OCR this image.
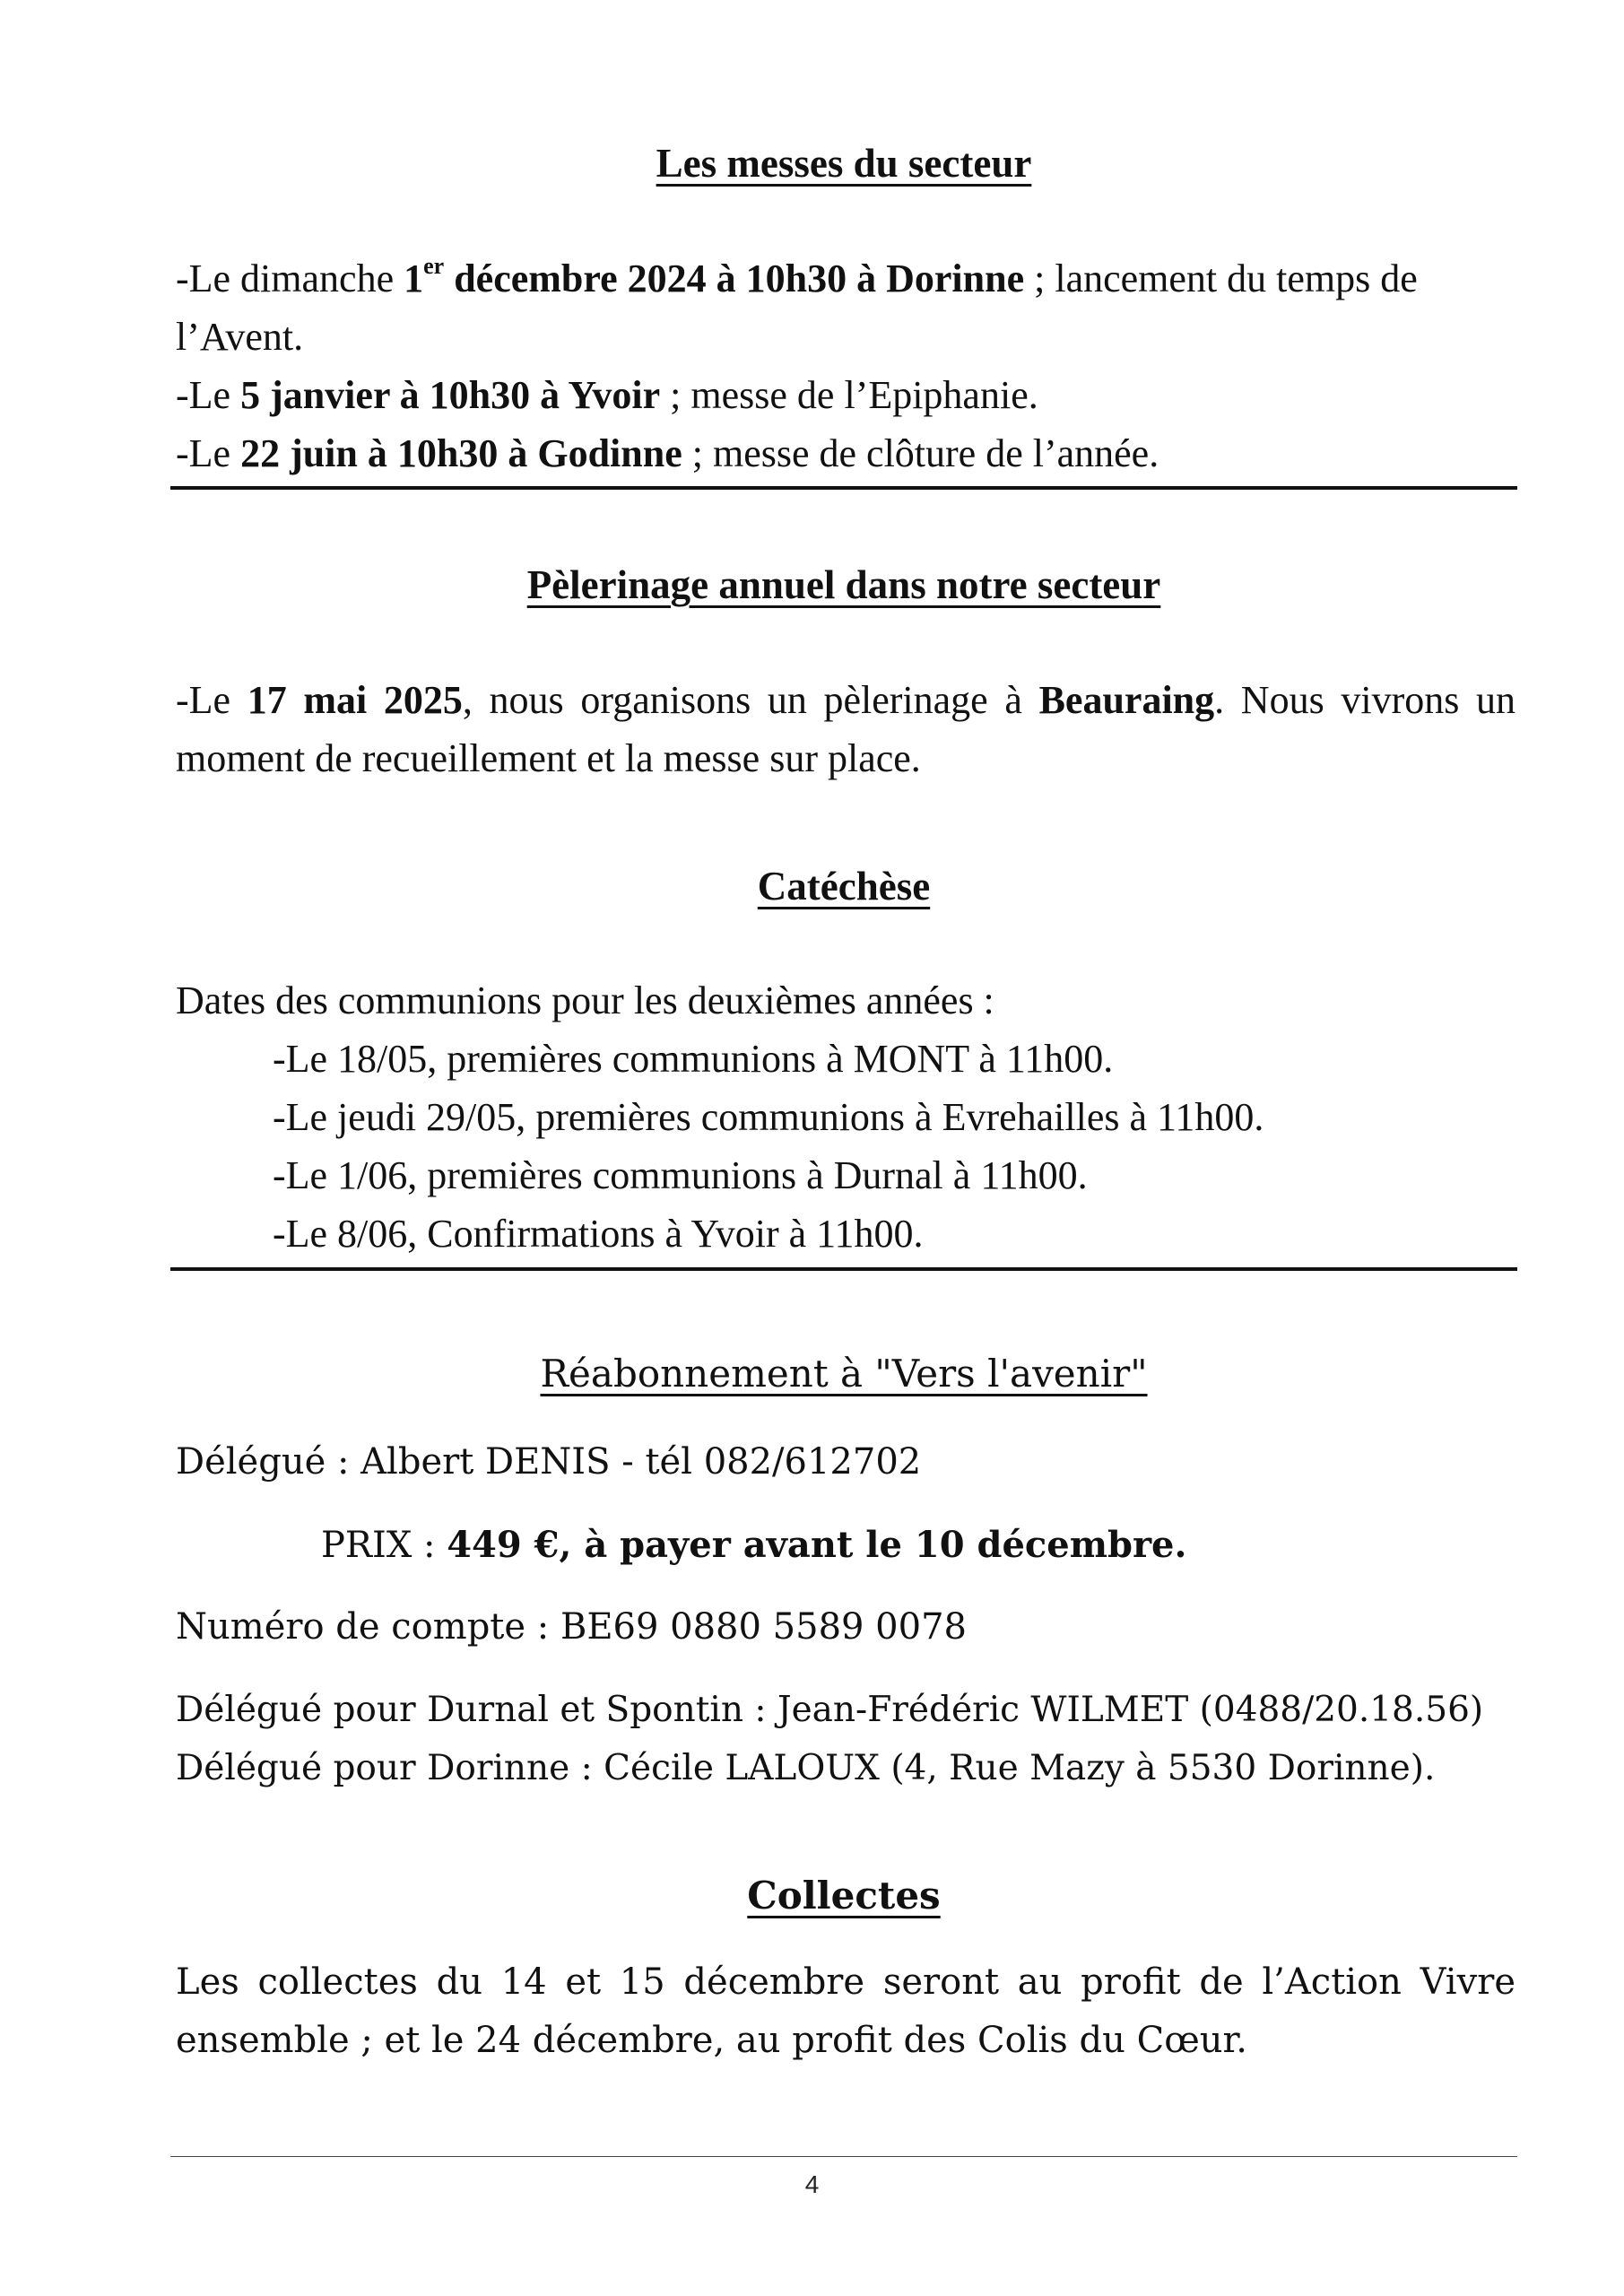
Les messes du secteur
-Le dimanche 1er décembre 2024 à 10h30 à Dorinne ; lancement du temps de l’Avent.
-Le 5 janvier à 10h30 à Yvoir ; messe de l’Epiphanie.
-Le 22 juin à 10h30 à Godinne ; messe de clôture de l’année.
Pèlerinage annuel dans notre secteur
-Le 17 mai 2025, nous organisons un pèlerinage à Beauraing. Nous vivrons un moment de recueillement et la messe sur place.
Catéchèse
Dates des communions pour les deuxièmes années :
-Le 18/05, premières communions à MONT à 11h00.
-Le jeudi 29/05, premières communions à Evrehailles à 11h00.
-Le 1/06, premières communions à Durnal à 11h00.
-Le 8/06, Confirmations à Yvoir à 11h00.
Réabonnement à "Vers l'avenir"
Délégué : Albert DENIS - tél 082/612702
PRIX : 449 €, à payer avant le 10 décembre.
Numéro de compte : BE69 0880 5589 0078
Délégué pour Durnal et Spontin : Jean-Frédéric WILMET (0488/20.18.56)
Délégué pour Dorinne : Cécile LALOUX (4, Rue Mazy à 5530 Dorinne).
Collectes
Les collectes du 14 et 15 décembre seront au profit de l’Action Vivre ensemble ; et le 24 décembre, au profit des Colis du Cœur.
4
